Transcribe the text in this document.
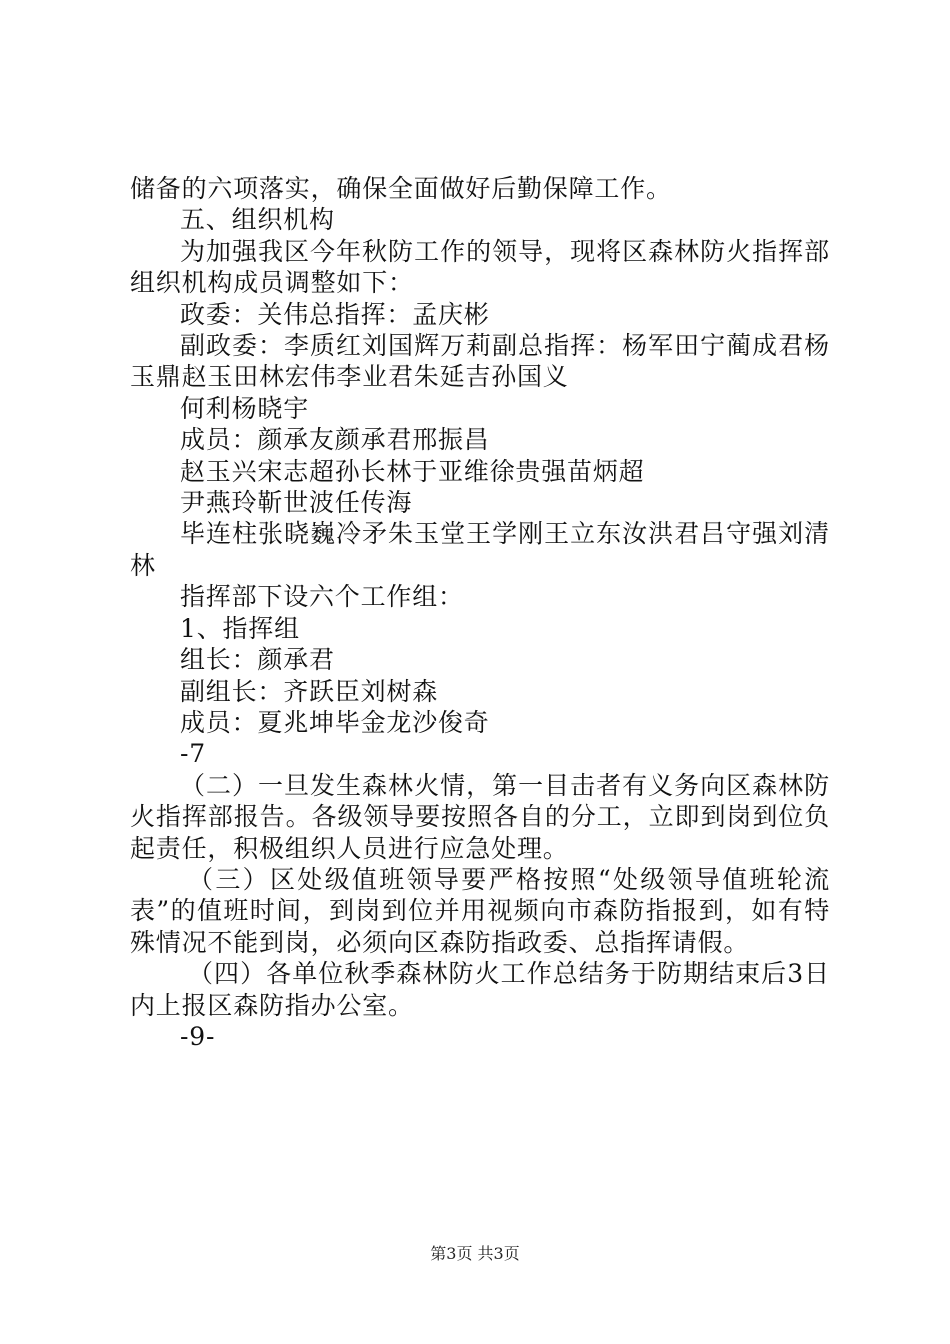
储备的六项落实，确保全面做好后勤保障工作。

五、组织机构

为加强我区今年秋防工作的领导，现将区森林防火指挥部组织机构成员调整如下：

政委：关伟总指挥：孟庆彬

副政委：李质红刘国辉万莉副总指挥：杨军田宁蔺成君杨玉鼎赵玉田林宏伟李业君朱延吉孙国义

何利杨晓宇

成员：颜承友颜承君邢振昌

赵玉兴宋志超孙长林于亚维徐贵强苗炳超

尹燕玲靳世波任传海

毕连柱张晓巍冷矛朱玉堂王学刚王立东汝洪君吕守强刘清林

指挥部下设六个工作组：

1、指挥组

组长：颜承君

副组长：齐跃臣刘树森

成员：夏兆坤毕金龙沙俊奇

-7

（二）一旦发生森林火情，第一目击者有义务向区森林防火指挥部报告。各级领导要按照各自的分工，立即到岗到位负起责任，积极组织人员进行应急处理。

（三）区处级值班领导要严格按照“处级领导值班轮流表”的值班时间，到岗到位并用视频向市森防指报到，如有特殊情况不能到岗，必须向区森防指政委、总指挥请假。

（四）各单位秋季森林防火工作总结务于防期结束后3日内上报区森防指办公室。

-9-

第3页 共3页
